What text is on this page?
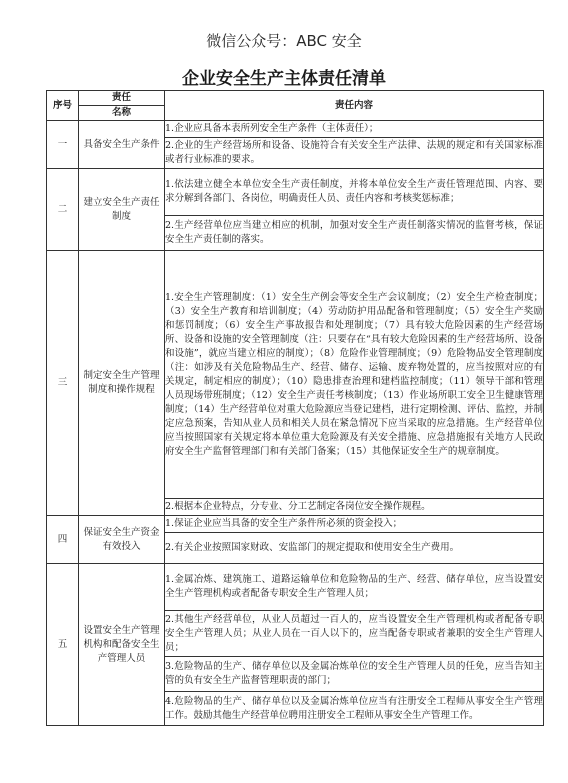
微信公众号：ABC 安全
企业安全生产主体责任清单
序号	责任	责任内容
	名称	
一	具备安全生产条件	1.企业应具备本表所列安全生产条件（主体责任）；

		2.企业的生产经营场所和设备、设施符合有关安全生产法律、法规的规定和有关国家标准或者行业标准的要求。

二	建立安全生产责任制度	1.依法建立健全本单位安全生产责任制度，并将本单位安全生产责任管理范围、内容、要求分解到各部门、各岗位，明确责任人员、责任内容和考核奖惩标准；

		2.生产经营单位应当建立相应的机制，加强对安全生产责任制落实情况的监督考核，保证安全生产责任制的落实。

三	制定安全生产管理制度和操作规程	1.安全生产管理制度：（1）安全生产例会等安全生产会议制度；（2）安全生产检查制度；（3）安全生产教育和培训制度；（4）劳动防护用品配备和管理制度；（5）安全生产奖励和惩罚制度；（6）安全生产事故报告和处理制度；（7）具有较大危险因素的生产经营场所、设备和设施的安全管理制度（注：只要存在“具有较大危险因素的生产经营场所、设备和设施”，就应当建立相应的制度）；（8）危险作业管理制度；（9）危险物品安全管理制度（注：如涉及有关危险物品生产、经营、储存、运输、废弃物处置的，应当按照对应的有关规定，制定相应的制度）；（10）隐患排查治理和建档监控制度；（11）领导干部和管理人员现场带班制度；（12）安全生产责任考核制度；（13）作业场所职工安全卫生健康管理制度；（14）生产经营单位对重大危险源应当登记建档，进行定期检测、评估、监控，并制定应急预案，告知从业人员和相关人员在紧急情况下应当采取的应急措施。生产经营单位应当按照国家有关规定将本单位重大危险源及有关安全措施、应急措施报有关地方人民政府安全生产监督管理部门和有关部门备案；（15）其他保证安全生产的规章制度。

		2.根据本企业特点，分专业、分工艺制定各岗位安全操作规程。

四	保证安全生产资金有效投入	1.保证企业应当具备的安全生产条件所必须的资金投入；

		2.有关企业按照国家财政、安监部门的规定提取和使用安全生产费用。

五	设置安全生产管理机构和配备安全生产管理人员	1.金属冶炼、建筑施工、道路运输单位和危险物品的生产、经营、储存单位，应当设置安全生产管理机构或者配备专职安全生产管理人员；

		2.其他生产经营单位，从业人员超过一百人的，应当设置安全生产管理机构或者配备专职安全生产管理人员；从业人员在一百人以下的，应当配备专职或者兼职的安全生产管理人员；

		3.危险物品的生产、储存单位以及金属冶炼单位的安全生产管理人员的任免，应当告知主管的负有安全生产监督管理职责的部门；

		4.危险物品的生产、储存单位以及金属冶炼单位应当有注册安全工程师从事安全生产管理工作。鼓励其他生产经营单位聘用注册安全工程师从事安全生产管理工作。
